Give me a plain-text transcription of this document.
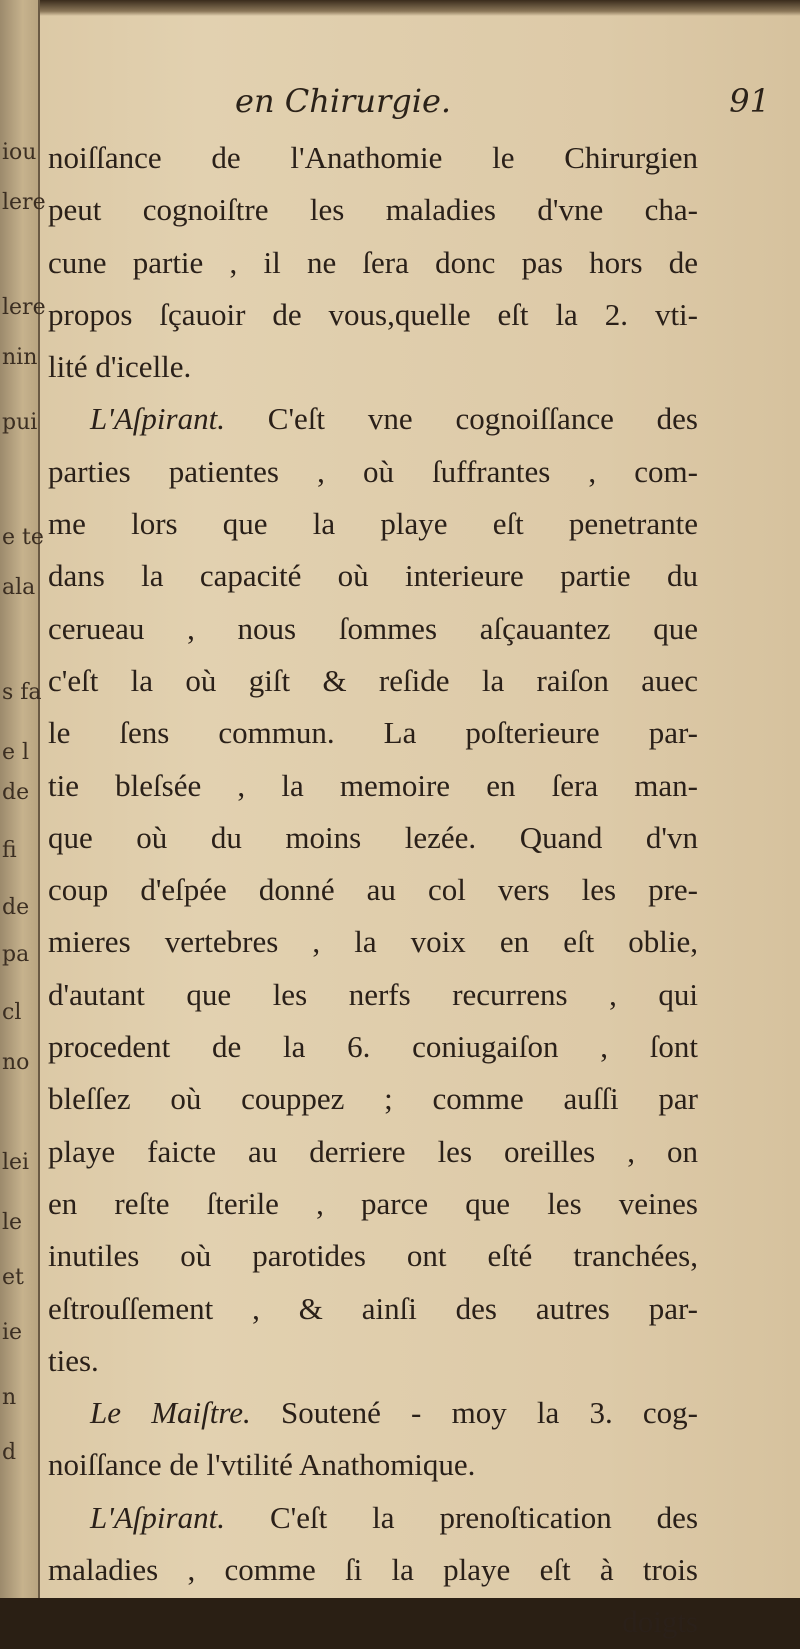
iou
lere
lere
nin
pui
e te
ala
s fa
e l
de
fi
de
pa
cl
no
lei
le
et
ie
n
d
en Chirurgie.	91
noiſſance de l'Anathomie le Chirurgien
peut cognoiſtre les maladies d'vne cha-
cune partie , il ne ſera donc pas hors de
propos ſçauoir de vous,quelle eſt la 2. vti-
lité d'icelle.
L'Aſpirant. C'eſt vne cognoiſſance des
parties patientes , où ſuffrantes , com-
me lors que la playe eſt penetrante
dans la capacité où interieure partie du
cerueau , nous ſommes aſçauantez que
c'eſt la où giſt & reſide la raiſon auec
le ſens commun. La poſterieure par-
tie bleſsée , la memoire en ſera man-
que où du moins lezée. Quand d'vn
coup d'eſpée donné au col vers les pre-
mieres vertebres , la voix en eſt oblie,
d'autant que les nerfs recurrens , qui
procedent de la 6. coniugaiſon , ſont
bleſſez où couppez ; comme auſſi par
playe faicte au derriere les oreilles , on
en reſte ſterile , parce que les veines
inutiles où parotides ont eſté tranchées,
eſtrouſſement , & ainſi des autres par-
ties.
Le Maiſtre. Soutené - moy la 3. cog-
noiſſance de l'vtilité Anathomique.
L'Aſpirant. C'eſt la prenoſtication des
maladies , comme ſi la playe eſt à trois
doigts
